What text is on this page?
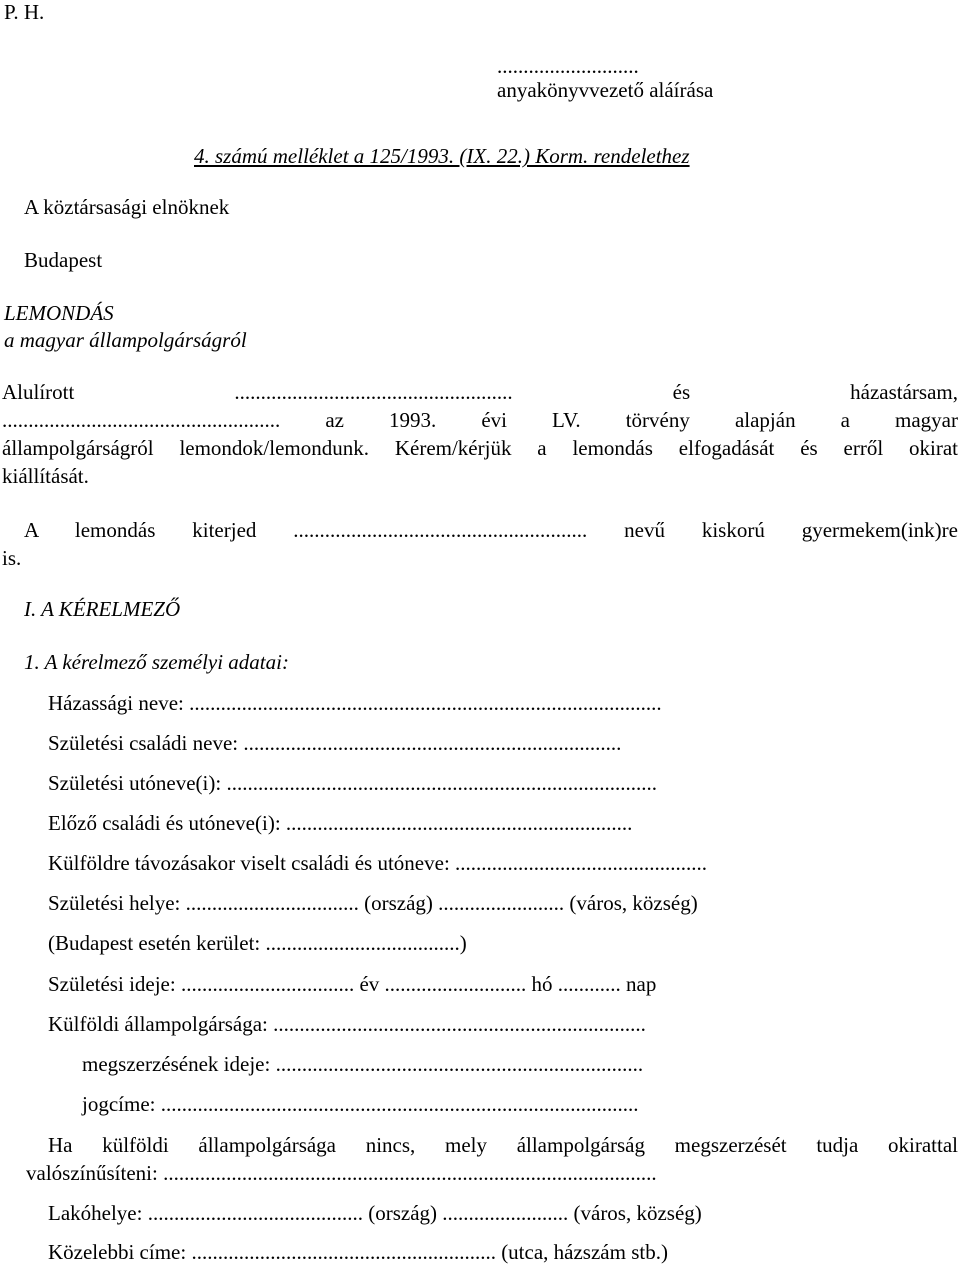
P. H.
...........................
anyakönyvvezető aláírása
4. számú melléklet a 125/1993. (IX. 22.) Korm. rendelethez
A köztársasági elnöknek
Budapest
LEMONDÁS
a magyar állampolgárságról
Alulírott ..................................................... és házastársam,
..................................................... az 1993. évi LV. törvény alapján a magyar
állampolgárságról lemondok/lemondunk. Kérem/kérjük a lemondás elfogadását és erről okirat
kiállítását.
A lemondás kiterjed ........................................................ nevű kiskorú gyermekem(ink)re
is.
I. A KÉRELMEZŐ
1. A kérelmező személyi adatai:
Házassági neve: ..........................................................................................
Születési családi neve: ........................................................................
Születési utóneve(i): ..................................................................................
Előző családi és utóneve(i): ..................................................................
Külföldre távozásakor viselt családi és utóneve: ................................................
Születési helye: ................................. (ország) ........................ (város, község)
(Budapest esetén kerület: .....................................)
Születési ideje: ................................. év ........................... hó ............ nap
Külföldi állampolgársága: .......................................................................
megszerzésének ideje: ......................................................................
jogcíme: ...........................................................................................
Ha külföldi állampolgársága nincs, mely állampolgárság megszerzését tudja okirattal
valószínűsíteni: ..............................................................................................
Lakóhelye: ......................................... (ország) ........................ (város, község)
Közelebbi címe: .......................................................... (utca, házszám stb.)
